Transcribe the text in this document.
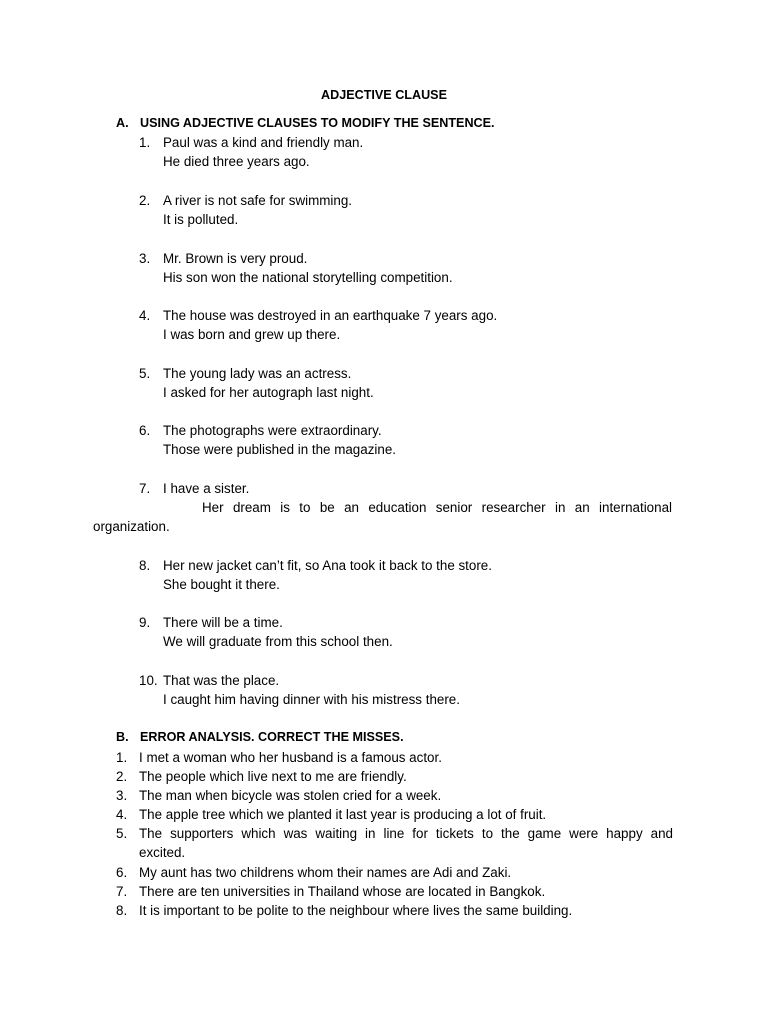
ADJECTIVE CLAUSE
A. USING ADJECTIVE CLAUSES TO MODIFY THE SENTENCE.
1. Paul was a kind and friendly man.
He died three years ago.
2. A river is not safe for swimming.
It is polluted.
3. Mr. Brown is very proud.
His son won the national storytelling competition.
4. The house was destroyed in an earthquake 7 years ago.
I was born and grew up there.
5. The young lady was an actress.
I asked for her autograph last night.
6. The photographs were extraordinary.
Those were published in the magazine.
7. I have a sister.
Her dream is to be an education senior researcher in an international
organization.
8. Her new jacket can’t fit, so Ana took it back to the store.
She bought it there.
9. There will be a time.
We will graduate from this school then.
10. That was the place.
I caught him having dinner with his mistress there.
B. ERROR ANALYSIS. CORRECT THE MISSES.
1. I met a woman who her husband is a famous actor.
2. The people which live next to me are friendly.
3. The man when bicycle was stolen cried for a week.
4. The apple tree which we planted it last year is producing a lot of fruit.
5. The supporters which was waiting in line for tickets to the game were happy and
excited.
6. My aunt has two childrens whom their names are Adi and Zaki.
7. There are ten universities in Thailand whose are located in Bangkok.
8. It is important to be polite to the neighbour where lives the same building.
